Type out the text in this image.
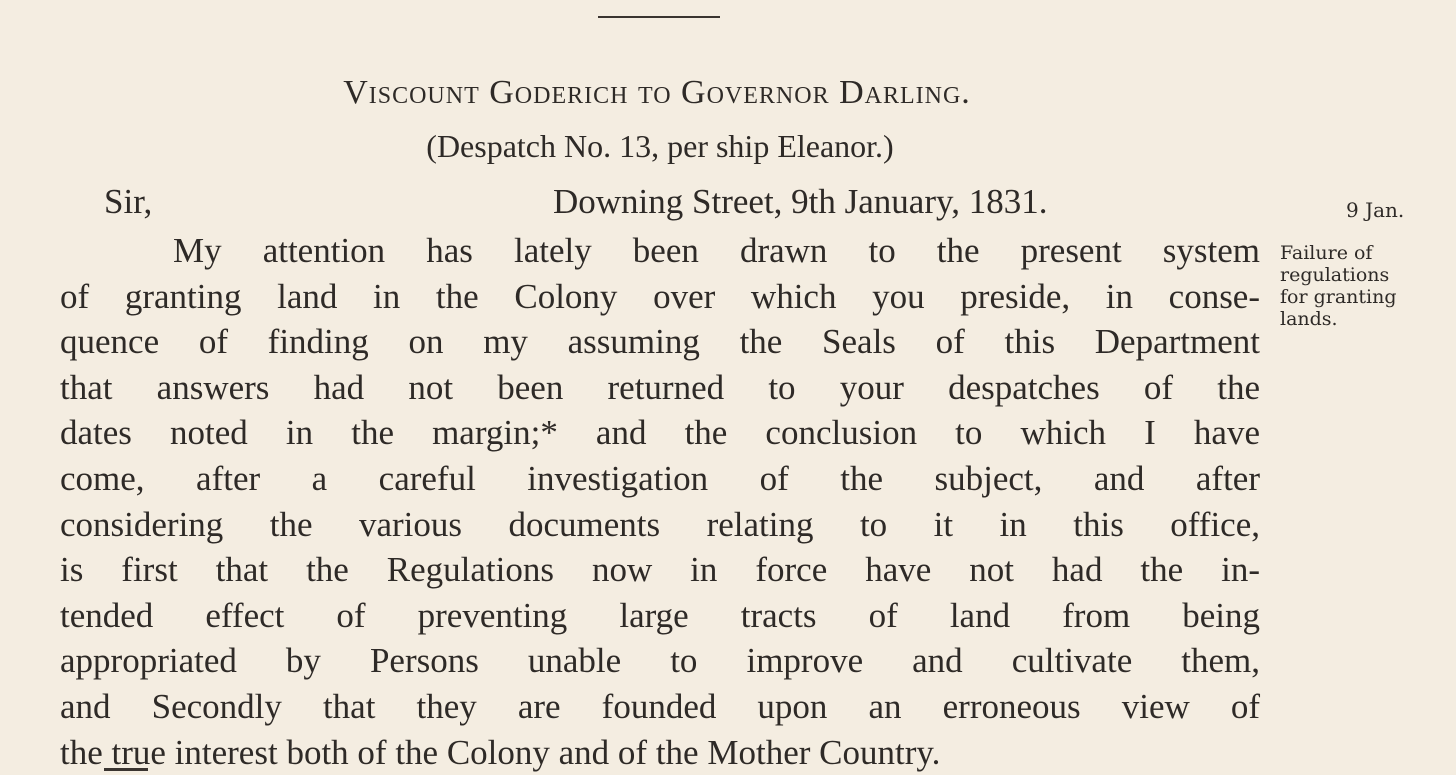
Viscount Goderich to Governor Darling.
(Despatch No. 13, per ship Eleanor.)
Sir,	Downing Street, 9th January, 1831.	9 Jan.
My attention has lately been drawn to the present system
of granting land in the Colony over which you preside, in conse-
quence of finding on my assuming the Seals of this Department
that answers had not been returned to your despatches of the
dates noted in the margin;* and the conclusion to which I have
come, after a careful investigation of the subject, and after
considering the various documents relating to it in this office,
is first that the Regulations now in force have not had the in-
tended effect of preventing large tracts of land from being
appropriated by Persons unable to improve and cultivate them,
and Secondly that they are founded upon an erroneous view of
the true interest both of the Colony and of the Mother Country.
Failure of
regulations
for granting
lands.
